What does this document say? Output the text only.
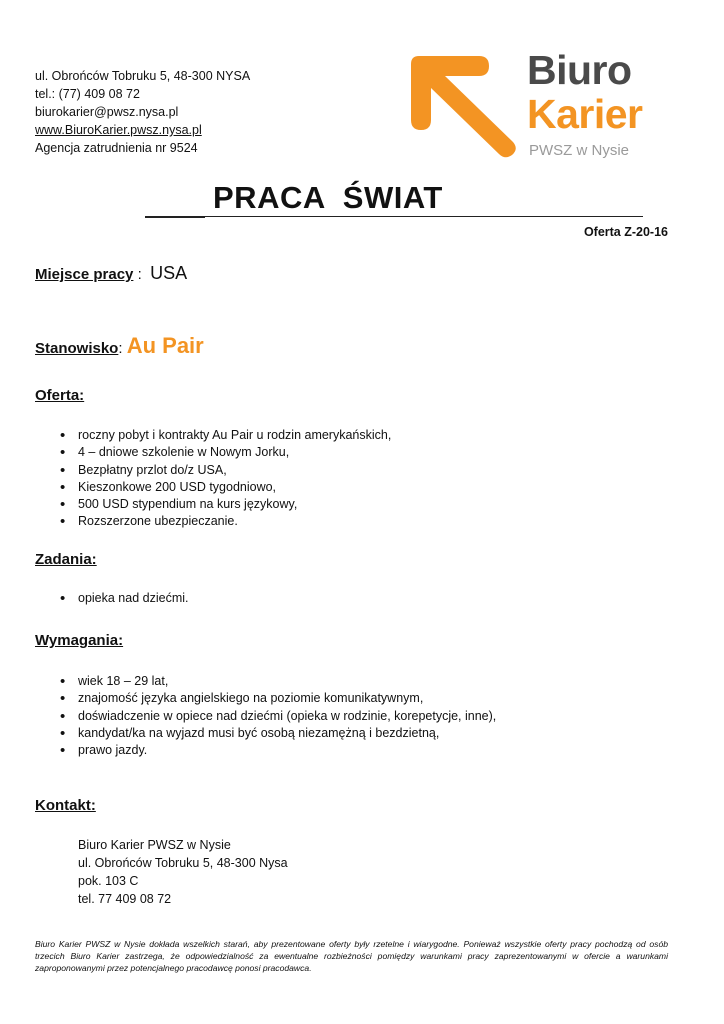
ul. Obrońców Tobruku 5, 48-300 NYSA
tel.: (77) 409 08 72
biurokarier@pwsz.nysa.pl
www.BiuroKarier.pwsz.nysa.pl
Agencja zatrudnienia nr 9524
Biuro
Karier
PWSZ w Nysie
PRACA  ŚWIAT
Oferta Z-20-16
Miejsce pracy :  USA
Stanowisko: Au Pair
Oferta:
• roczny pobyt i kontrakty Au Pair u rodzin amerykańskich,
• 4 – dniowe szkolenie w Nowym Jorku,
• Bezpłatny przlot do/z USA,
• Kieszonkowe 200 USD tygodniowo,
• 500 USD stypendium na kurs językowy,
• Rozszerzone ubezpieczanie.
Zadania:
• opieka nad dziećmi.
Wymagania:
• wiek 18 – 29 lat,
• znajomość języka angielskiego na poziomie komunikatywnym,
• doświadczenie w opiece nad dziećmi (opieka w rodzinie, korepetycje, inne),
• kandydat/ka na wyjazd musi być osobą niezamężną i bezdzietną,
• prawo jazdy.
Kontakt:
Biuro Karier PWSZ w Nysie
ul. Obrońców Tobruku 5, 48-300 Nysa
pok. 103 C
tel. 77 409 08 72
Biuro Karier PWSZ w Nysie dokłada wszelkich starań, aby prezentowane oferty były rzetelne i wiarygodne. Ponieważ wszystkie oferty pracy pochodzą od osób trzecich Biuro Karier zastrzega, że odpowiedzialność za ewentualne rozbieżności pomiędzy warunkami pracy zaprezentowanymi w ofercie a warunkami zaproponowanymi przez potencjalnego pracodawcę ponosi pracodawca.
